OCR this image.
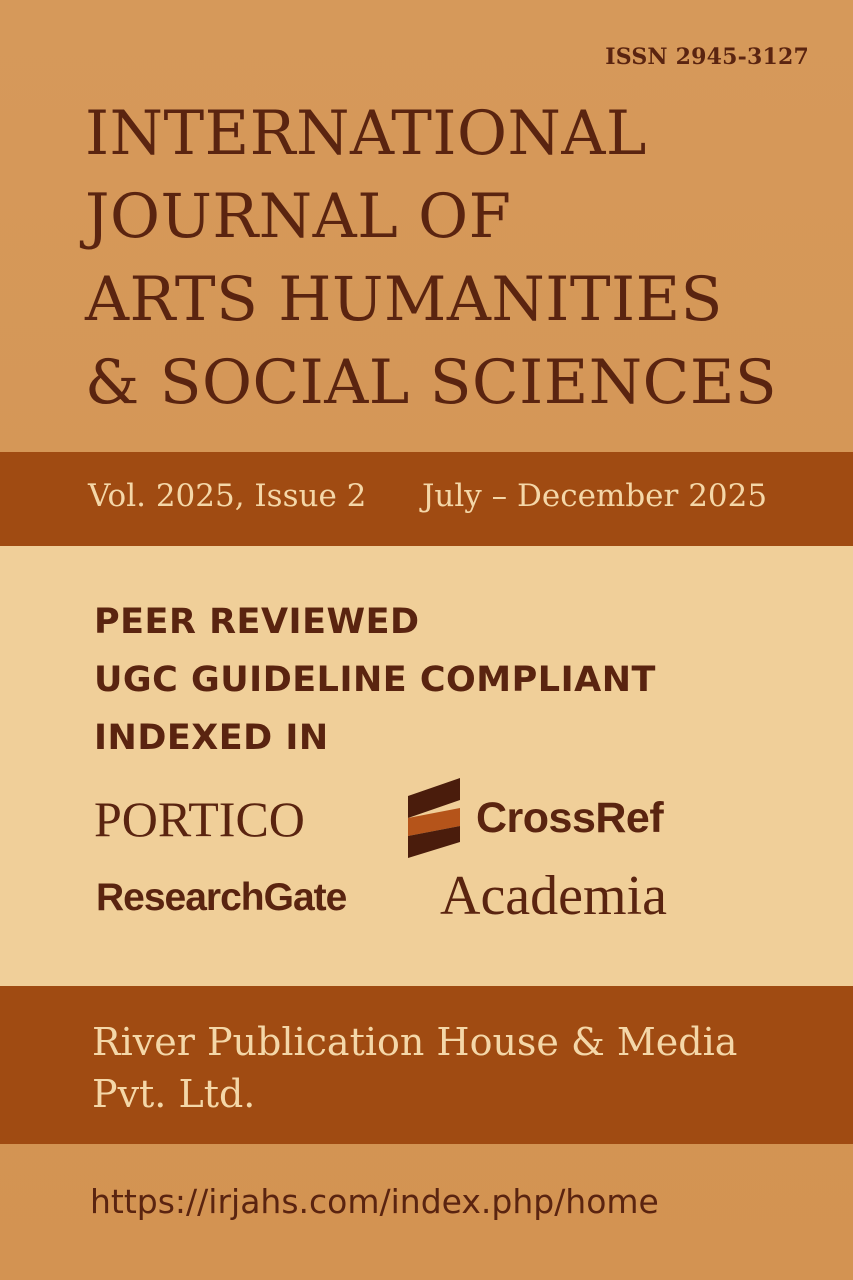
ISSN 2945-3127
INTERNATIONAL
JOURNAL OF
ARTS HUMANITIES
& SOCIAL SCIENCES
Vol. 2025, Issue 2 July – December 2025
PEER REVIEWED
UGC GUIDELINE COMPLIANT
INDEXED IN
PORTICO	CrossRef
ResearchGate Academia
River Publication House & Media
Pvt. Ltd.
https://irjahs.com/index.php/home
